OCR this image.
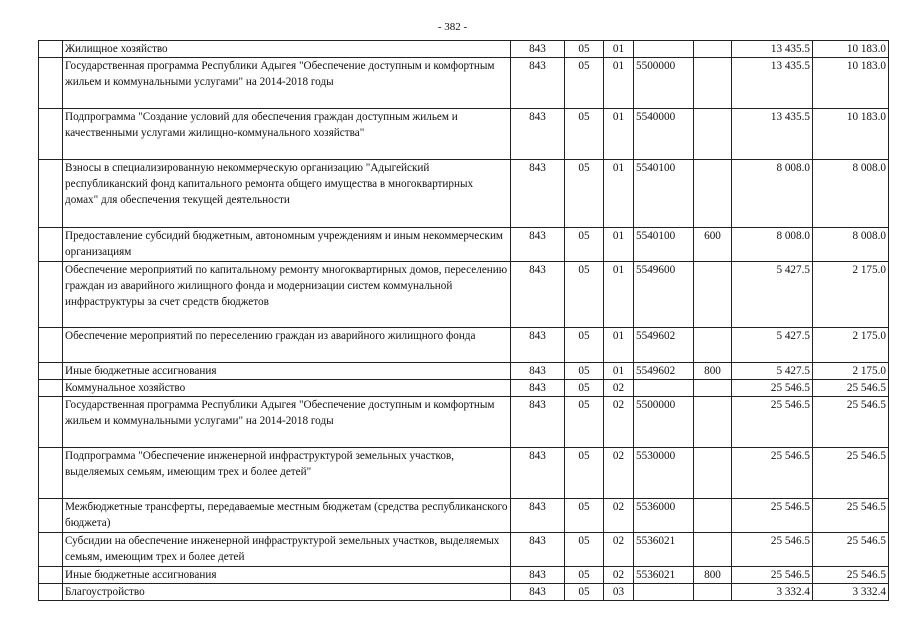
- 382 -
	Жилищное хозяйство	843	05	01			13 435.5	10 183.0
	Государственная программа Республики Адыгея "Обеспечение доступным и комфортным жильем и коммунальными услугами" на 2014-2018 годы	843	05	01	5500000		13 435.5	10 183.0
	Подпрограмма "Создание условий для обеспечения граждан доступным жильем и качественными услугами жилищно-коммунального хозяйства"	843	05	01	5540000		13 435.5	10 183.0
	Взносы в специализированную некоммерческую организацию "Адыгейский республиканский фонд капитального ремонта общего имущества в многоквартирных домах" для обеспечения текущей деятельности	843	05	01	5540100		8 008.0	8 008.0
	Предоставление субсидий бюджетным, автономным учреждениям и иным некоммерческим организациям	843	05	01	5540100	600	8 008.0	8 008.0
	Обеспечение мероприятий по капитальному ремонту многоквартирных домов, переселению граждан из аварийного жилищного фонда и модернизации систем коммунальной инфраструктуры за счет средств бюджетов	843	05	01	5549600		5 427.5	2 175.0
	Обеспечение мероприятий по переселению граждан из аварийного жилищного фонда	843	05	01	5549602		5 427.5	2 175.0
	Иные бюджетные ассигнования	843	05	01	5549602	800	5 427.5	2 175.0
	Коммунальное хозяйство	843	05	02			25 546.5	25 546.5
	Государственная программа Республики Адыгея "Обеспечение доступным и комфортным жильем и коммунальными услугами" на 2014-2018 годы	843	05	02	5500000		25 546.5	25 546.5
	Подпрограмма "Обеспечение инженерной инфраструктурой земельных участков, выделяемых семьям, имеющим трех и более детей"	843	05	02	5530000		25 546.5	25 546.5
	Межбюджетные трансферты, передаваемые местным бюджетам (средства республиканского бюджета)	843	05	02	5536000		25 546.5	25 546.5
	Субсидии на обеспечение инженерной инфраструктурой земельных участков, выделяемых семьям, имеющим трех и более детей	843	05	02	5536021		25 546.5	25 546.5
	Иные бюджетные ассигнования	843	05	02	5536021	800	25 546.5	25 546.5
	Благоустройство	843	05	03			3 332.4	3 332.4
